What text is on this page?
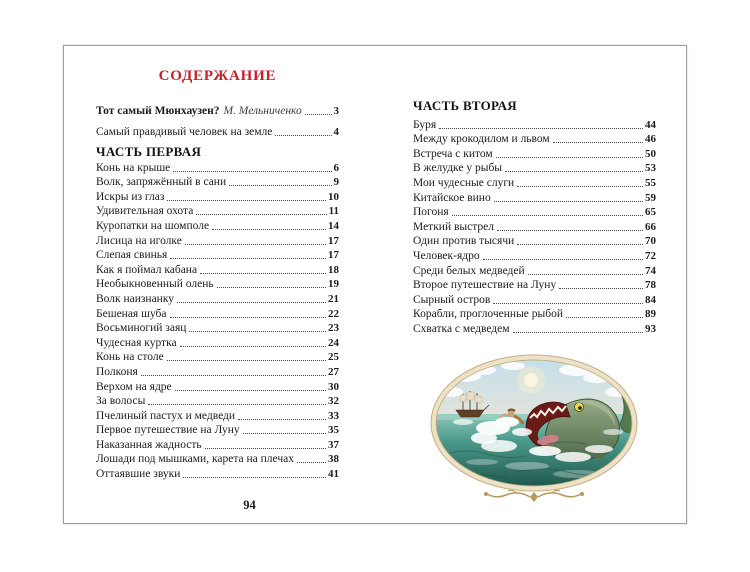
СОДЕРЖАНИЕ
Тот самый Мюнхаузен? М. Мельниченко	3
Самый правдивый человек на земле	4
ЧАСТЬ ПЕРВАЯ
Конь на крыше	6
Волк, запряжённый в сани	9
Искры из глаз	10
Удивительная охота	11
Куропатки на шомполе	14
Лисица на иголке	17
Слепая свинья	17
Как я поймал кабана	18
Необыкновенный олень	19
Волк наизнанку	21
Бешеная шуба	22
Восьминогий заяц	23
Чудесная куртка	24
Конь на столе	25
Полконя	27
Верхом на ядре	30
За волосы	32
Пчелиный пастух и медведи	33
Первое путешествие на Луну	35
Наказанная жадность	37
Лошади под мышками, карета на плечах	38
Оттаявшие звуки	41
94
ЧАСТЬ ВТОРАЯ
Буря	44
Между крокодилом и львом	46
Встреча с китом	50
В желудке у рыбы	53
Мои чудесные слуги	55
Китайское вино	59
Погоня	65
Меткий выстрел	66
Один против тысячи	70
Человек-ядро	72
Среди белых медведей	74
Второе путешествие на Луну	78
Сырный остров	84
Корабли, проглоченные рыбой	89
Схватка с медведем	93
